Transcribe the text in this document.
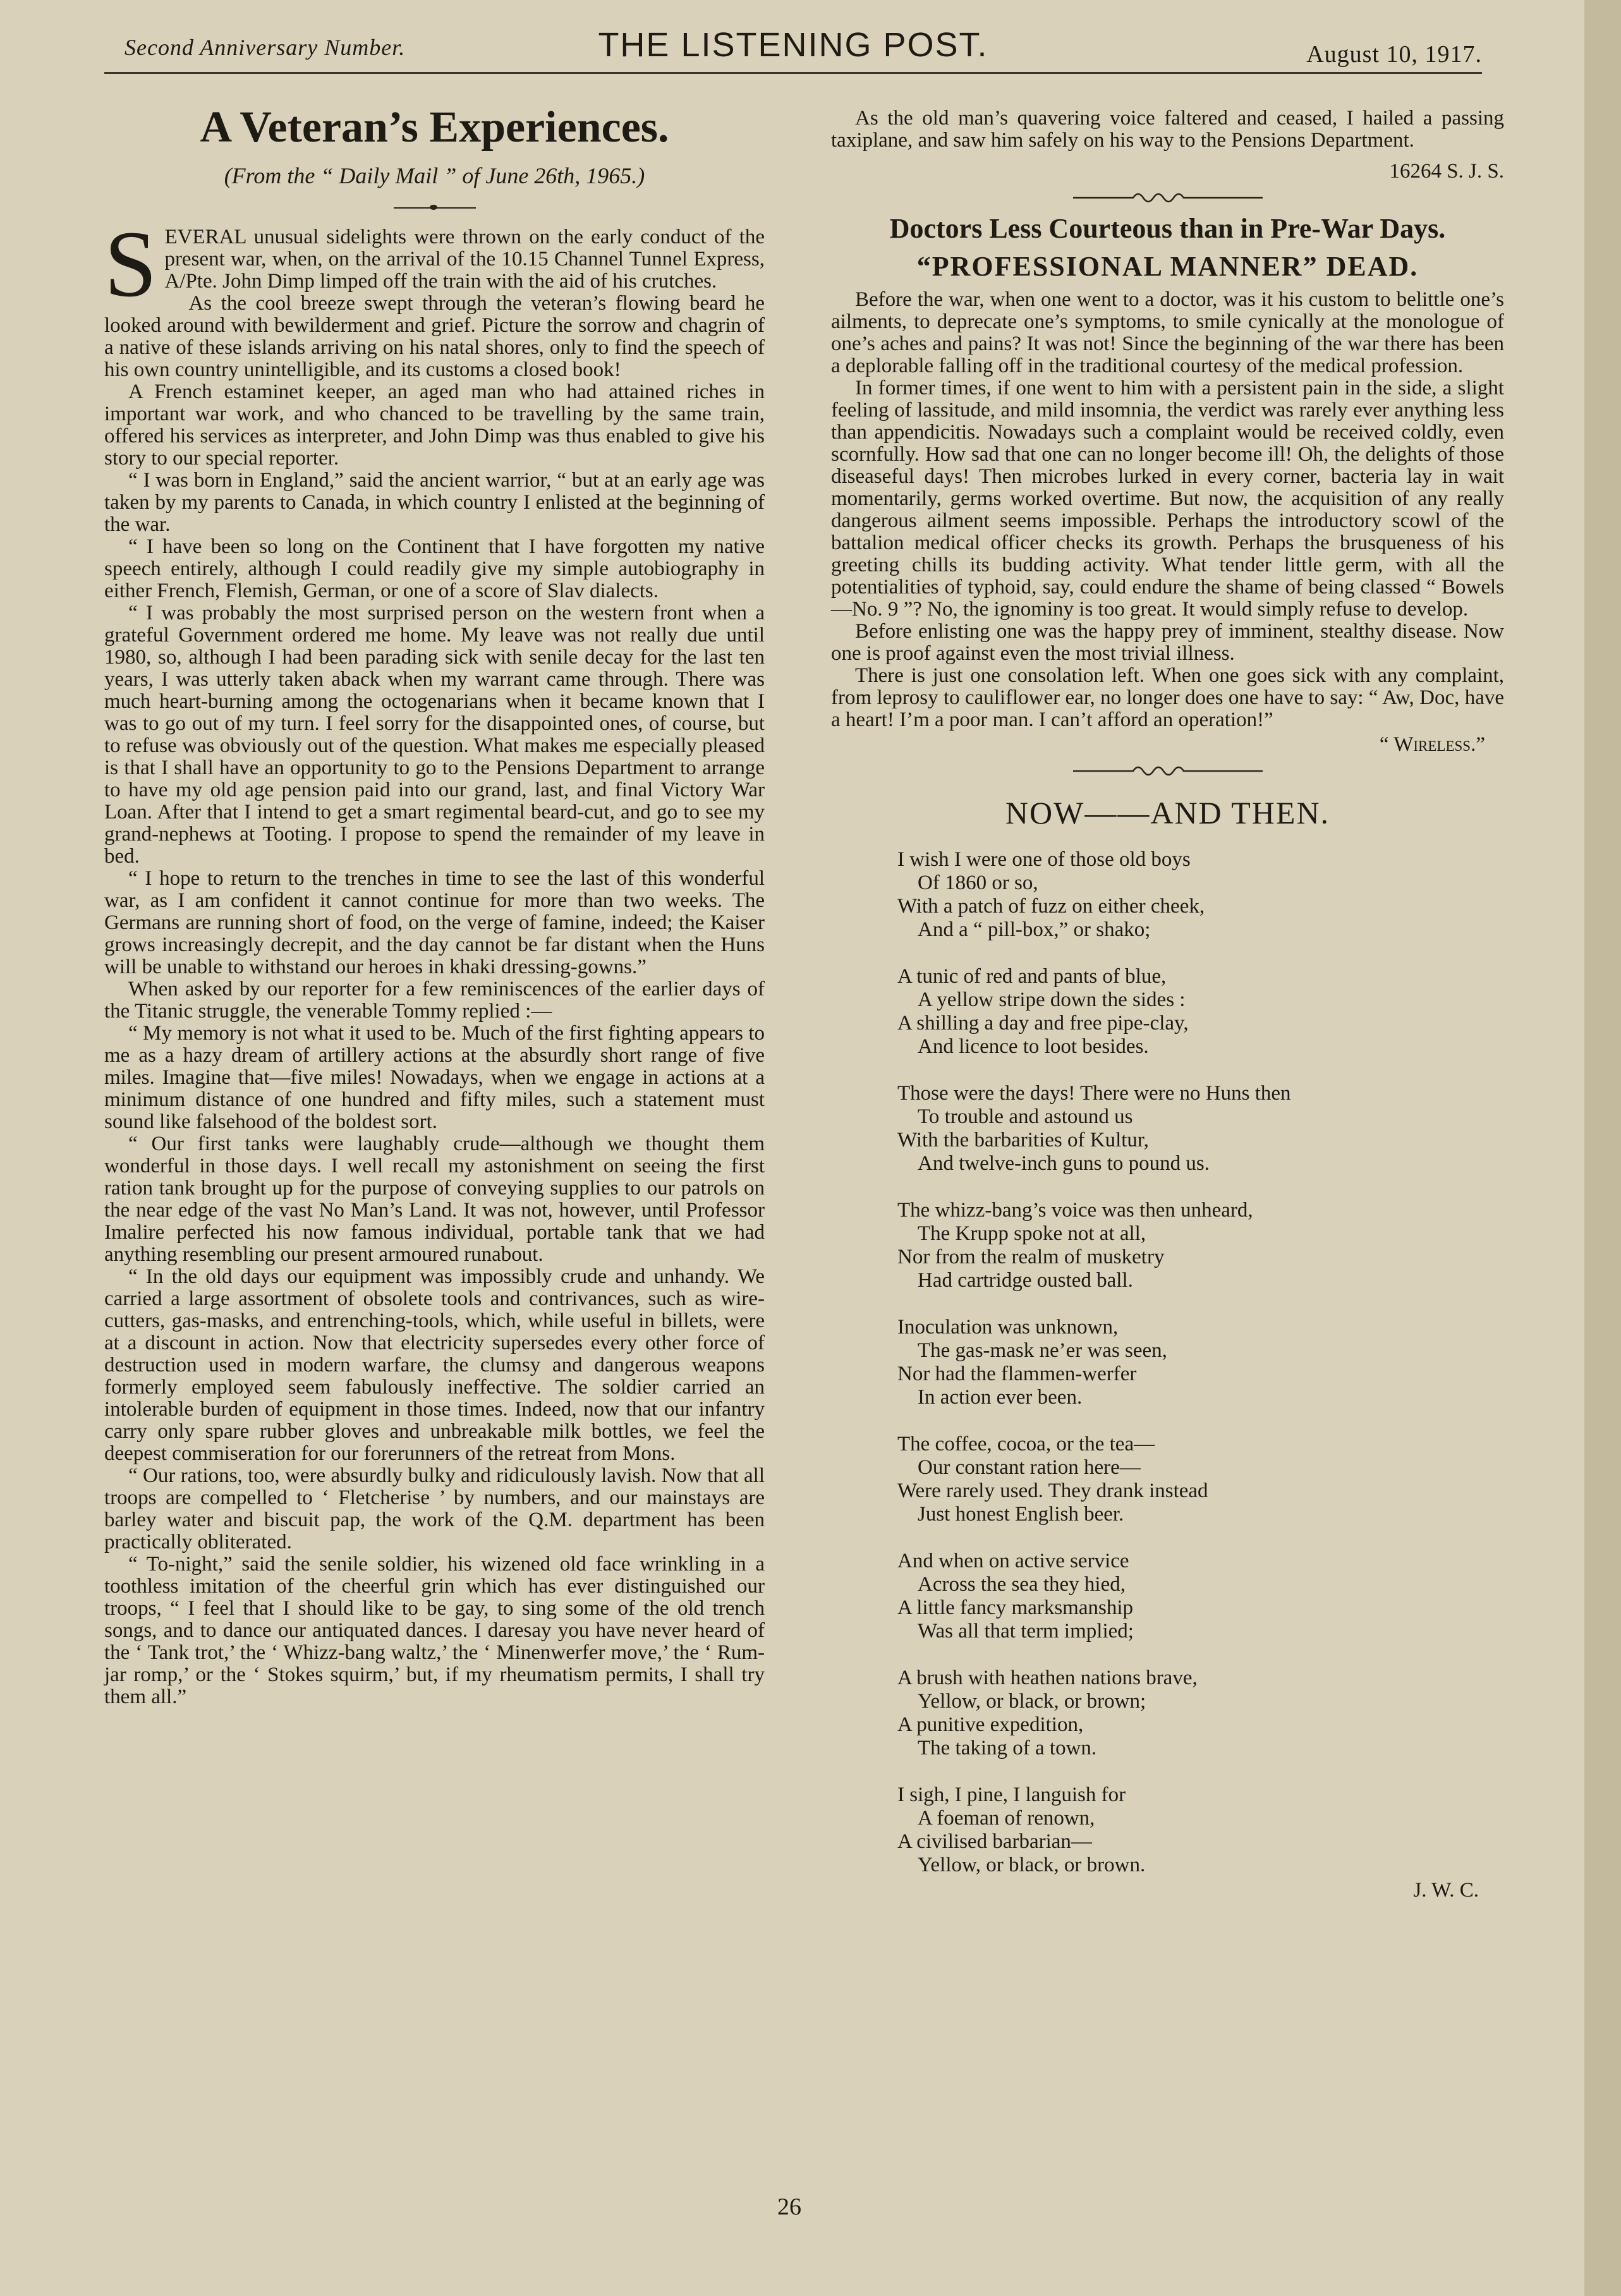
Second Anniversary Number.	THE LISTENING POST.	August 10, 1917.
A Veteran’s Experiences.
(From the “ Daily Mail ” of June 26th, 1965.)

SEVERAL unusual sidelights were thrown on the early conduct of the present war, when, on the arrival of the 10.15 Channel Tunnel Express, A/Pte. John Dimp limped off the train with the aid of his crutches.

As the cool breeze swept through the veteran’s flowing beard he looked around with bewilderment and grief. Picture the sorrow and chagrin of a native of these islands arriving on his natal shores, only to find the speech of his own country unintelligible, and its customs a closed book!

A French estaminet keeper, an aged man who had attained riches in important war work, and who chanced to be travelling by the same train, offered his services as interpreter, and John Dimp was thus enabled to give his story to our special reporter.

“ I was born in England,” said the ancient warrior, “ but at an early age was taken by my parents to Canada, in which country I enlisted at the beginning of the war.

“ I have been so long on the Continent that I have forgotten my native speech entirely, although I could readily give my simple autobiography in either French, Flemish, German, or one of a score of Slav dialects.

“ I was probably the most surprised person on the western front when a grateful Government ordered me home. My leave was not really due until 1980, so, although I had been parading sick with senile decay for the last ten years, I was utterly taken aback when my warrant came through. There was much heart-burning among the octogenarians when it became known that I was to go out of my turn. I feel sorry for the disappointed ones, of course, but to refuse was obviously out of the question. What makes me especially pleased is that I shall have an opportunity to go to the Pensions Department to arrange to have my old age pension paid into our grand, last, and final Victory War Loan. After that I intend to get a smart regimental beard-cut, and go to see my grand-nephews at Tooting. I propose to spend the remainder of my leave in bed.

“ I hope to return to the trenches in time to see the last of this wonderful war, as I am confident it cannot continue for more than two weeks. The Germans are running short of food, on the verge of famine, indeed; the Kaiser grows increasingly decrepit, and the day cannot be far distant when the Huns will be unable to withstand our heroes in khaki dressing-gowns.”

When asked by our reporter for a few reminiscences of the earlier days of the Titanic struggle, the venerable Tommy replied :—

“ My memory is not what it used to be. Much of the first fighting appears to me as a hazy dream of artillery actions at the absurdly short range of five miles. Imagine that—five miles! Nowadays, when we engage in actions at a minimum distance of one hundred and fifty miles, such a statement must sound like falsehood of the boldest sort.

“ Our first tanks were laughably crude—although we thought them wonderful in those days. I well recall my astonishment on seeing the first ration tank brought up for the purpose of conveying supplies to our patrols on the near edge of the vast No Man’s Land. It was not, however, until Professor Imalire perfected his now famous individual, portable tank that we had anything resembling our present armoured runabout.

“ In the old days our equipment was impossibly crude and unhandy. We carried a large assortment of obsolete tools and contrivances, such as wire-cutters, gas-masks, and entrenching-tools, which, while useful in billets, were at a discount in action. Now that electricity supersedes every other force of destruction used in modern warfare, the clumsy and dangerous weapons formerly employed seem fabulously ineffective. The soldier carried an intolerable burden of equipment in those times. Indeed, now that our infantry carry only spare rubber gloves and unbreakable milk bottles, we feel the deepest commiseration for our forerunners of the retreat from Mons.

“ Our rations, too, were absurdly bulky and ridiculously lavish. Now that all troops are compelled to ‘ Fletcherise ’ by numbers, and our mainstays are barley water and biscuit pap, the work of the Q.M. department has been practically obliterated.

“ To-night,” said the senile soldier, his wizened old face wrinkling in a toothless imitation of the cheerful grin which has ever distinguished our troops, “ I feel that I should like to be gay, to sing some of the old trench songs, and to dance our antiquated dances. I daresay you have never heard of the ‘ Tank trot,’ the ‘ Whizz-bang waltz,’ the ‘ Minenwerfer move,’ the ‘ Rum-jar romp,’ or the ‘ Stokes squirm,’ but, if my rheumatism permits, I shall try them all.”

As the old man’s quavering voice faltered and ceased, I hailed a passing taxiplane, and saw him safely on his way to the Pensions Department.

16264 S. J. S.
Doctors Less Courteous than in Pre-War Days.
“PROFESSIONAL MANNER” DEAD.

Before the war, when one went to a doctor, was it his custom to belittle one’s ailments, to deprecate one’s symptoms, to smile cynically at the monologue of one’s aches and pains? It was not! Since the beginning of the war there has been a deplorable falling off in the traditional courtesy of the medical profession.

In former times, if one went to him with a persistent pain in the side, a slight feeling of lassitude, and mild insomnia, the verdict was rarely ever anything less than appendicitis. Nowadays such a complaint would be received coldly, even scornfully. How sad that one can no longer become ill! Oh, the delights of those diseaseful days! Then microbes lurked in every corner, bacteria lay in wait momentarily, germs worked overtime. But now, the acquisition of any really dangerous ailment seems impossible. Perhaps the introductory scowl of the battalion medical officer checks its growth. Perhaps the brusqueness of his greeting chills its budding activity. What tender little germ, with all the potentialities of typhoid, say, could endure the shame of being classed “ Bowels—No. 9 ”? No, the ignominy is too great. It would simply refuse to develop.

Before enlisting one was the happy prey of imminent, stealthy disease. Now one is proof against even the most trivial illness.

There is just one consolation left. When one goes sick with any complaint, from leprosy to cauliflower ear, no longer does one have to say: “ Aw, Doc, have a heart! I’m a poor man. I can’t afford an operation!”

“ Wireless.”
NOW——AND THEN.
I wish I were one of those old boys
Of 1860 or so,
With a patch of fuzz on either cheek,
And a “ pill-box,” or shako;
A tunic of red and pants of blue,
A yellow stripe down the sides :
A shilling a day and free pipe-clay,
And licence to loot besides.
Those were the days! There were no Huns then
To trouble and astound us
With the barbarities of Kultur,
And twelve-inch guns to pound us.
The whizz-bang’s voice was then unheard,
The Krupp spoke not at all,
Nor from the realm of musketry
Had cartridge ousted ball.
Inoculation was unknown,
The gas-mask ne’er was seen,
Nor had the flammen-werfer
In action ever been.
The coffee, cocoa, or the tea—
Our constant ration here—
Were rarely used. They drank instead
Just honest English beer.
And when on active service
Across the sea they hied,
A little fancy marksmanship
Was all that term implied;
A brush with heathen nations brave,
Yellow, or black, or brown;
A punitive expedition,
The taking of a town.
I sigh, I pine, I languish for
A foeman of renown,
A civilised barbarian—
Yellow, or black, or brown.
J. W. C.
26
